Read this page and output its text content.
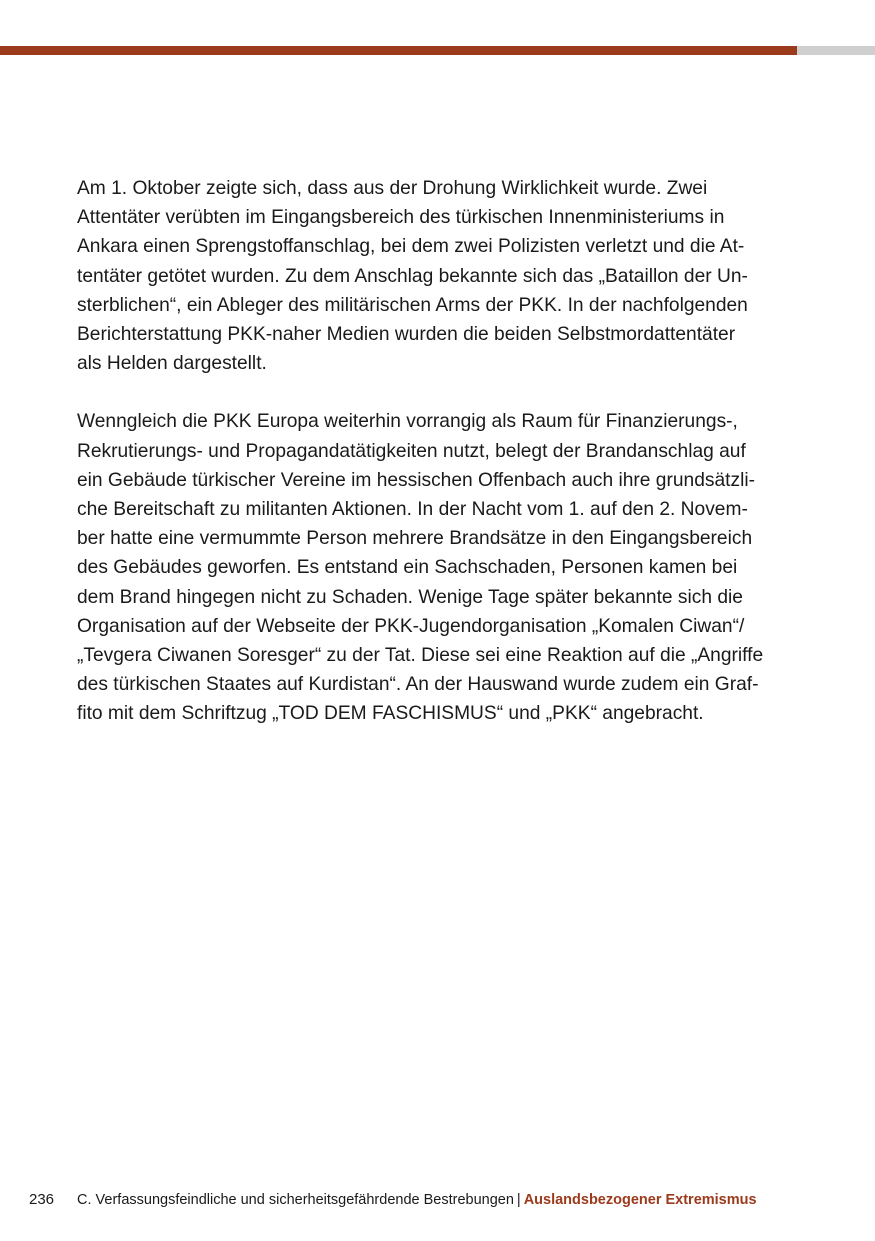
Am 1. Oktober zeigte sich, dass aus der Drohung Wirklichkeit wurde. Zwei
Attentäter verübten im Eingangsbereich des türkischen Innenministeriums in
Ankara einen Sprengstoffanschlag, bei dem zwei Polizisten verletzt und die At-
tentäter getötet wurden. Zu dem Anschlag bekannte sich das „Bataillon der Un-
sterblichen“, ein Ableger des militärischen Arms der PKK. In der nachfolgenden
Berichterstattung PKK-naher Medien wurden die beiden Selbstmordattentäter
als Helden dargestellt.

Wenngleich die PKK Europa weiterhin vorrangig als Raum für Finanzierungs-,
Rekrutierungs- und Propagandatätigkeiten nutzt, belegt der Brandanschlag auf
ein Gebäude türkischer Vereine im hessischen Offenbach auch ihre grundsätzli-
che Bereitschaft zu militanten Aktionen. In der Nacht vom 1. auf den 2. Novem-
ber hatte eine vermummte Person mehrere Brandsätze in den Eingangsbereich
des Gebäudes geworfen. Es entstand ein Sachschaden, Personen kamen bei
dem Brand hingegen nicht zu Schaden. Wenige Tage später bekannte sich die
Organisation auf der Webseite der PKK-Jugendorganisation „Komalen Ciwan“/
„Tevgera Ciwanen Soresger“ zu der Tat. Diese sei eine Reaktion auf die „Angriffe
des türkischen Staates auf Kurdistan“. An der Hauswand wurde zudem ein Graf-
fito mit dem Schriftzug „TOD DEM FASCHISMUS“ und „PKK“ angebracht.

236 C. Verfassungsfeindliche und sicherheitsgefährdende Bestrebungen | Auslandsbezogener Extremismus
